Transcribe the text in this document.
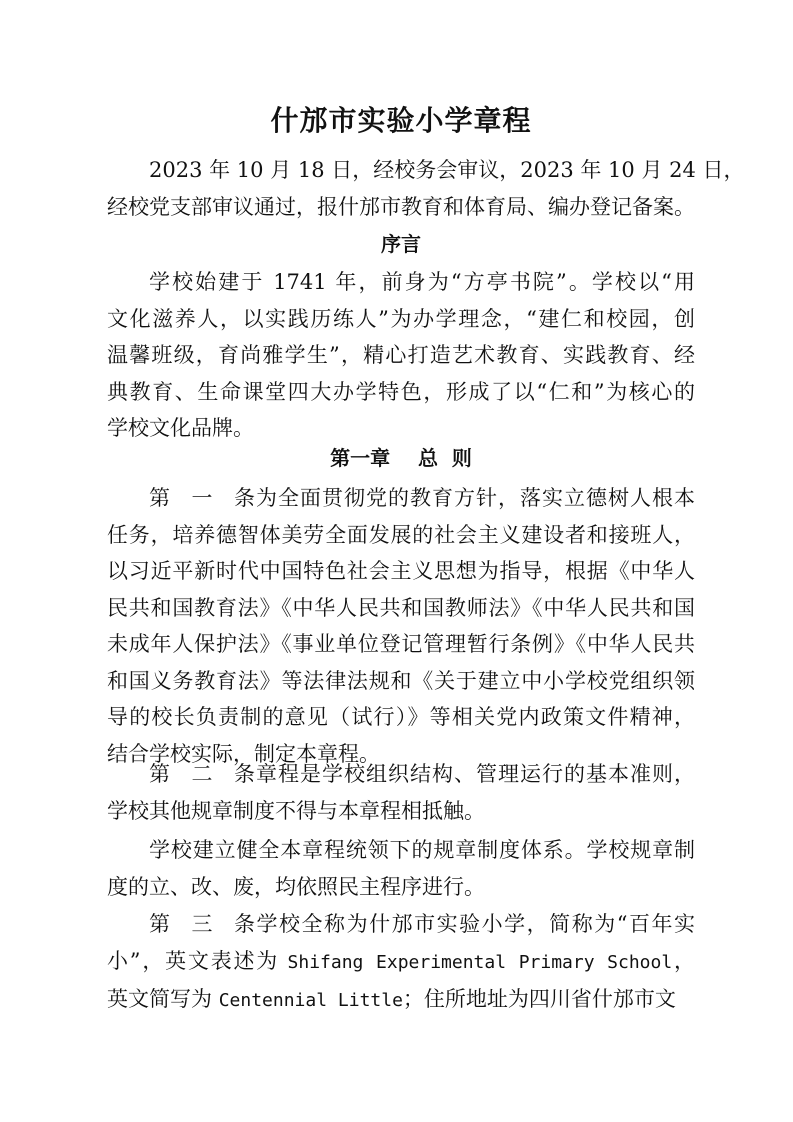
什邡市实验小学章程
2023 年 10 月 18 日，经校务会审议，2023 年 10 月 24 日，
经校党支部审议通过，报什邡市教育和体育局、编办登记备案。
序言
学校始建于 1741 年，前身为“方亭书院”。学校以“用
文化滋养人，以实践历练人”为办学理念，“建仁和校园，创
温馨班级，育尚雅学生”，精心打造艺术教育、实践教育、经
典教育、生命课堂四大办学特色，形成了以“仁和”为核心的
学校文化品牌。
第一章    总  则
第一条为全面贯彻党的教育方针，落实立德树人根本
任务，培养德智体美劳全面发展的社会主义建设者和接班人，
以习近平新时代中国特色社会主义思想为指导，根据《中华人
民共和国教育法》《中华人民共和国教师法》《中华人民共和国
未成年人保护法》《事业单位登记管理暂行条例》《中华人民共
和国义务教育法》等法律法规和《关于建立中小学校党组织领
导的校长负责制的意见（试行）》等相关党内政策文件精神，
结合学校实际，制定本章程。
第二条章程是学校组织结构、管理运行的基本准则，
学校其他规章制度不得与本章程相抵触。
学校建立健全本章程统领下的规章制度体系。学校规章制
度的立、改、废，均依照民主程序进行。
第三条学校全称为什邡市实验小学，简称为“百年实
小”，英文表述为 Shifang Experimental Primary School，
英文简写为 Centennial Little；住所地址为四川省什邡市文
